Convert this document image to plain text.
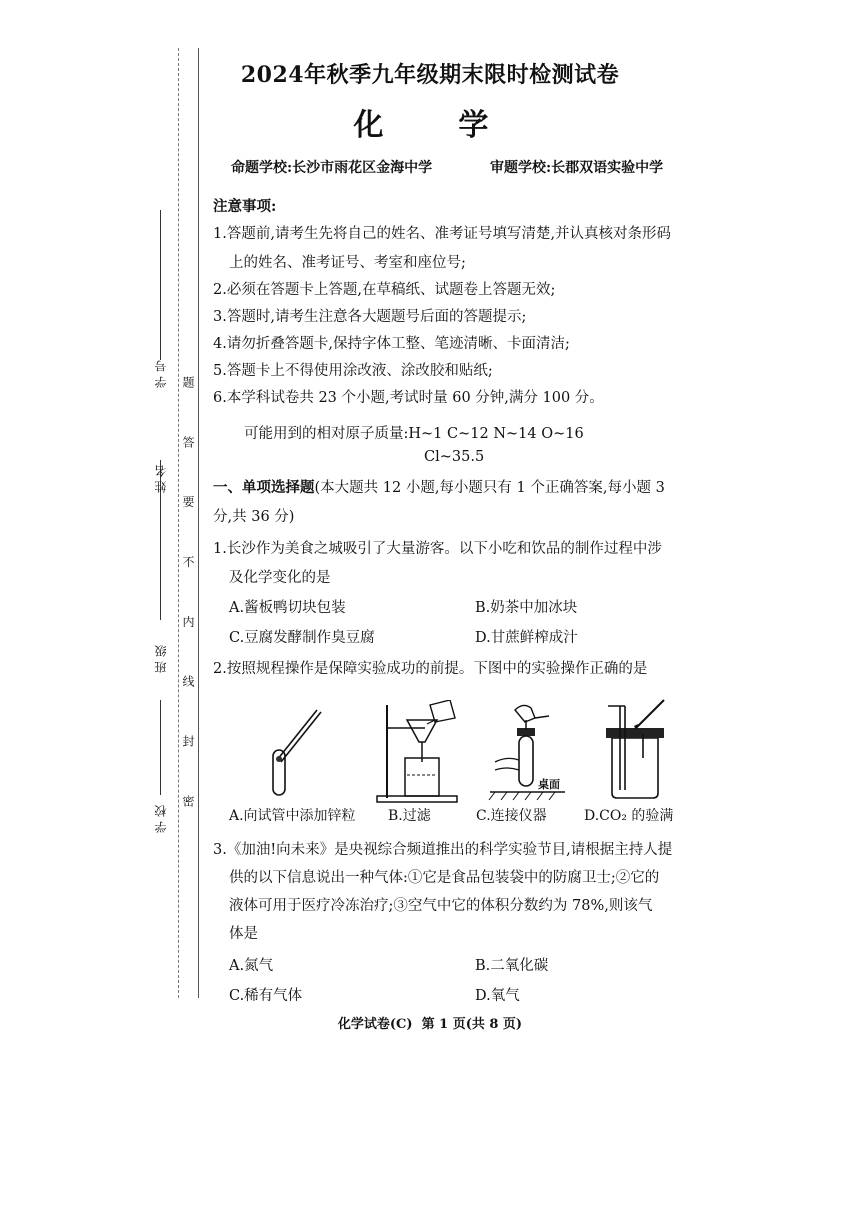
题 答 要 不 内 线 封 密
学 号
姓 名
班 级
学 校
2024年秋季九年级期末限时检测试卷
化  学
命题学校:长沙市雨花区金海中学	审题学校:长郡双语实验中学
注意事项:
1.答题前,请考生先将自己的姓名、准考证号填写清楚,并认真核对条形码
上的姓名、准考证号、考室和座位号;
2.必须在答题卡上答题,在草稿纸、试题卷上答题无效;
3.答题时,请考生注意各大题题号后面的答题提示;
4.请勿折叠答题卡,保持字体工整、笔迹清晰、卡面清洁;
5.答题卡上不得使用涂改液、涂改胶和贴纸;
6.本学科试卷共 23 个小题,考试时量 60 分钟,满分 100 分。
可能用到的相对原子质量:H~1 C~12 N~14 O~16
Cl~35.5
一、单项选择题(本大题共 12 小题,每小题只有 1 个正确答案,每小题 3
分,共 36 分)
1.长沙作为美食之城吸引了大量游客。以下小吃和饮品的制作过程中涉
及化学变化的是
A.酱板鸭切块包装	B.奶茶中加冰块
C.豆腐发酵制作臭豆腐	D.甘蔗鲜榨成汁
2.按照规程操作是保障实验成功的前提。下图中的实验操作正确的是
桌面
A.向试管中添加锌粒 B.过滤	C.连接仪器	D.CO₂ 的验满
3.《加油!向未来》是央视综合频道推出的科学实验节目,请根据主持人提
供的以下信息说出一种气体:①它是食品包装袋中的防腐卫士;②它的
液体可用于医疗冷冻治疗;③空气中它的体积分数约为 78%,则该气
体是
A.氮气	B.二氧化碳
C.稀有气体	D.氧气
化学试卷(C)  第 1 页(共 8 页)
